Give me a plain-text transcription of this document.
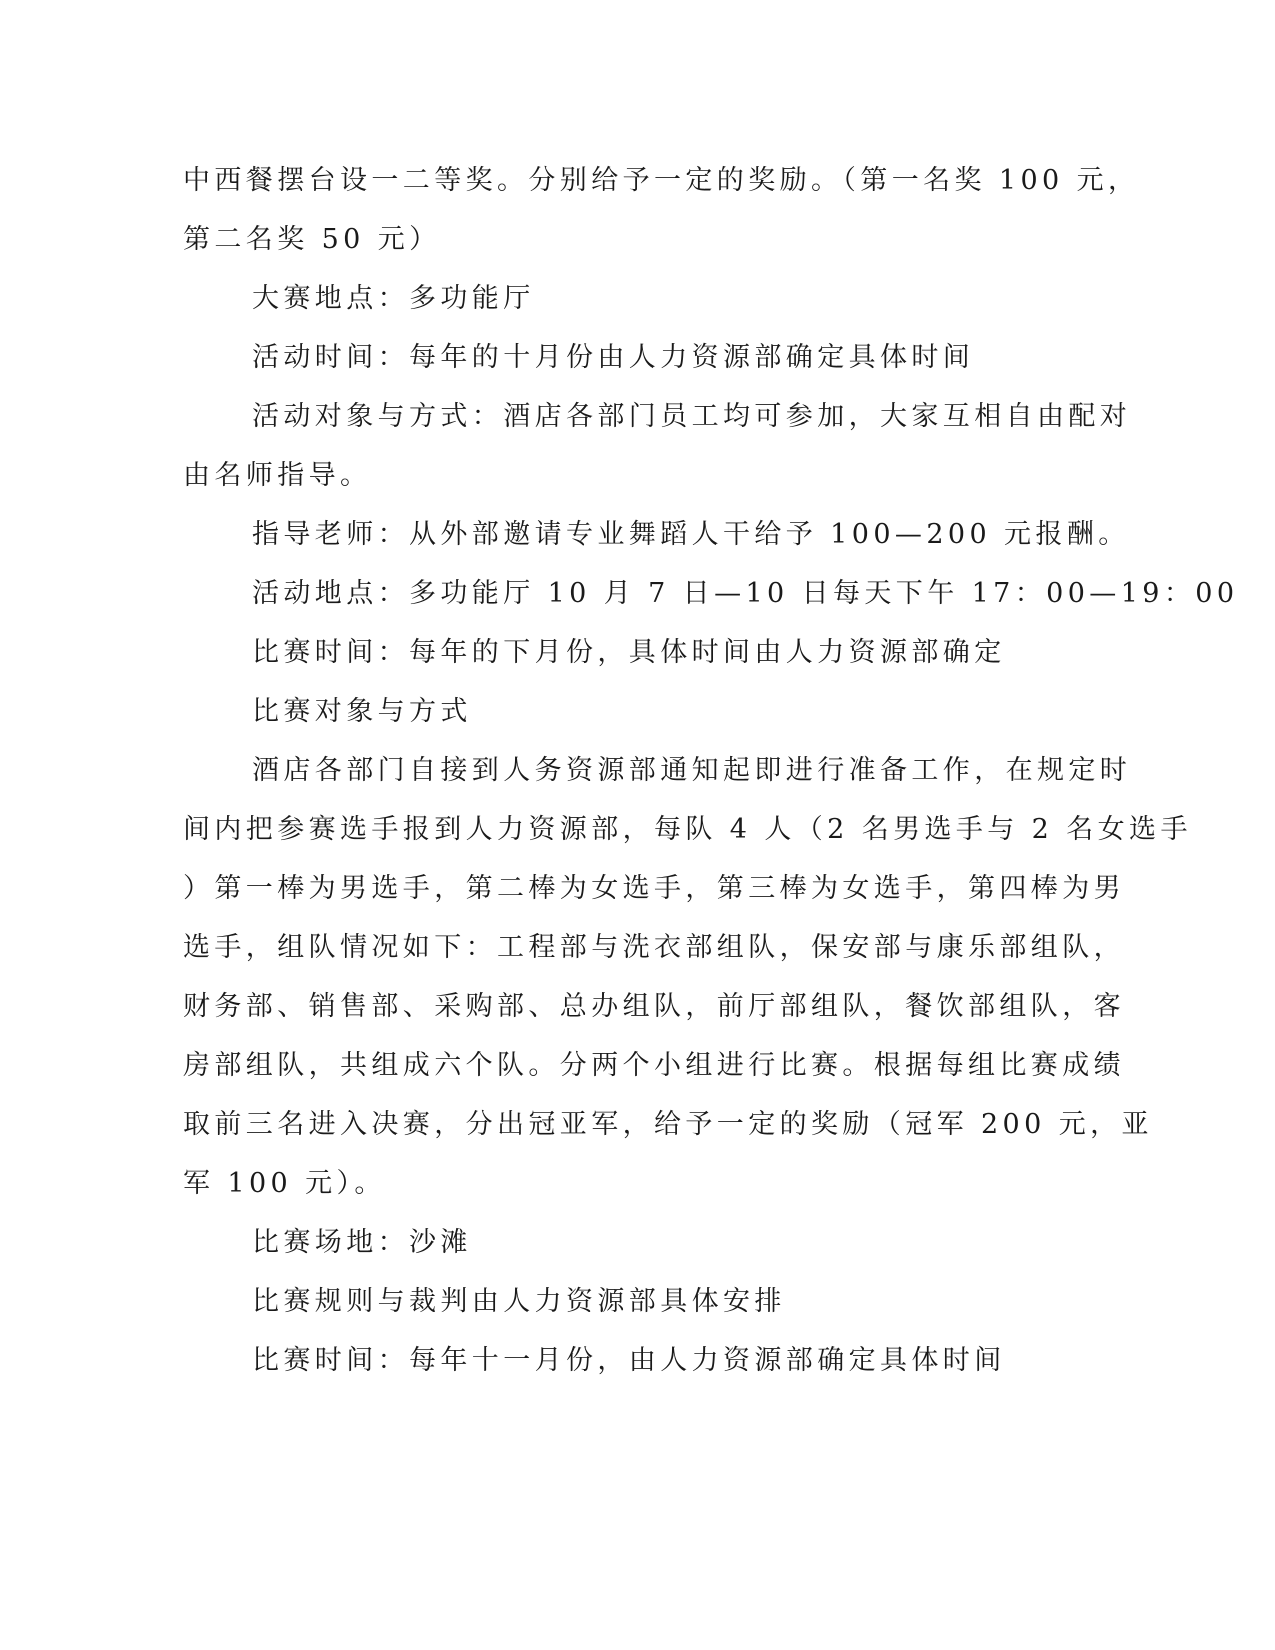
中西餐摆台设一二等奖。分别给予一定的奖励。（第一名奖 100 元，
第二名奖 50 元）
大赛地点：多功能厅
活动时间：每年的十月份由人力资源部确定具体时间
活动对象与方式：酒店各部门员工均可参加，大家互相自由配对
由名师指导。
指导老师：从外部邀请专业舞蹈人干给予 100—200 元报酬。
活动地点：多功能厅 10 月 7 日—10 日每天下午 17：00—19：00
比赛时间：每年的下月份，具体时间由人力资源部确定
比赛对象与方式
酒店各部门自接到人务资源部通知起即进行准备工作，在规定时
间内把参赛选手报到人力资源部，每队 4 人（2 名男选手与 2 名女选手
）第一棒为男选手，第二棒为女选手，第三棒为女选手，第四棒为男
选手，组队情况如下：工程部与洗衣部组队，保安部与康乐部组队，
财务部、销售部、采购部、总办组队，前厅部组队，餐饮部组队，客
房部组队，共组成六个队。分两个小组进行比赛。根据每组比赛成绩
取前三名进入决赛，分出冠亚军，给予一定的奖励（冠军 200 元，亚
军 100 元）。
比赛场地：沙滩
比赛规则与裁判由人力资源部具体安排
比赛时间：每年十一月份，由人力资源部确定具体时间
